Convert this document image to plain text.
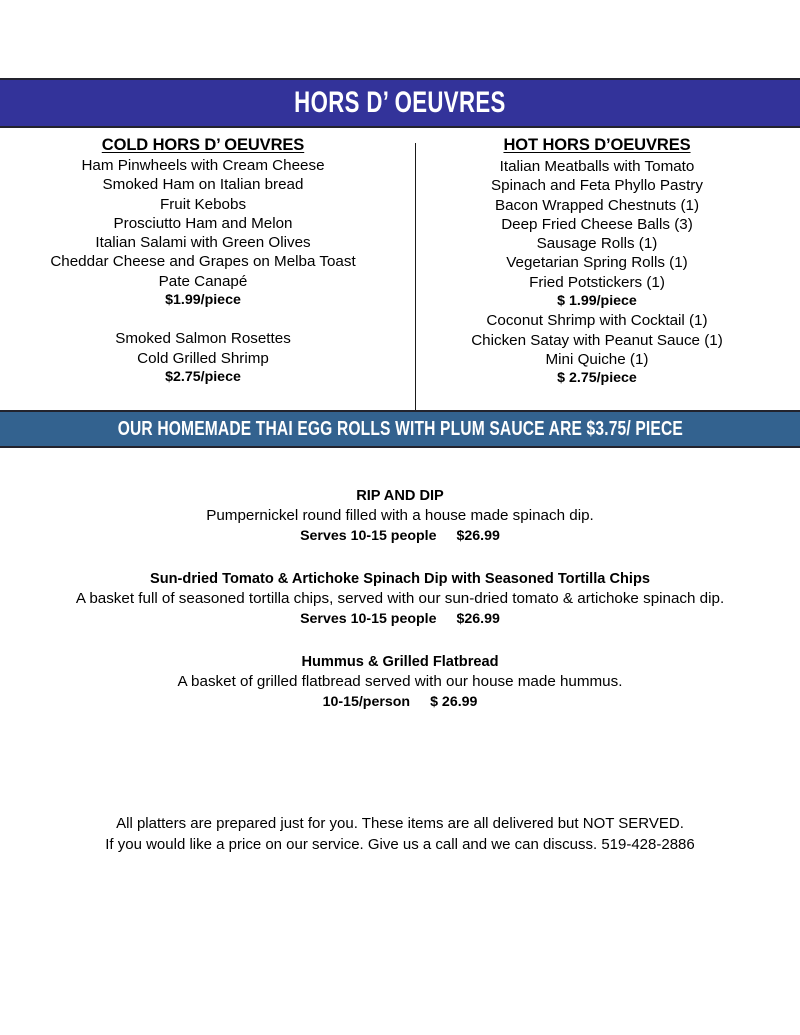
HORS D’ OEUVRES
COLD HORS D’ OEUVRES
Ham Pinwheels with Cream Cheese
Smoked Ham on Italian bread
Fruit Kebobs
Prosciutto Ham and Melon
Italian Salami with Green Olives
Cheddar Cheese and Grapes on Melba Toast
Pate Canapé
$1.99/piece
Smoked Salmon Rosettes
Cold Grilled Shrimp
$2.75/piece
HOT HORS D’OEUVRES
Italian Meatballs with Tomato
Spinach and Feta Phyllo Pastry
Bacon Wrapped Chestnuts (1)
Deep Fried Cheese Balls (3)
Sausage Rolls (1)
Vegetarian Spring Rolls (1)
Fried Potstickers (1)
$ 1.99/piece
Coconut Shrimp with Cocktail (1)
Chicken Satay with Peanut Sauce (1)
Mini Quiche (1)
$ 2.75/piece
OUR HOMEMADE THAI EGG ROLLS WITH PLUM SAUCE ARE $3.75/ PIECE
RIP AND DIP
Pumpernickel round filled with a house made spinach dip.
Serves 10-15 people $26.99
Sun-dried Tomato & Artichoke Spinach Dip with Seasoned Tortilla Chips
A basket full of seasoned tortilla chips, served with our sun-dried tomato & artichoke spinach dip.
Serves 10-15 people $26.99
Hummus & Grilled Flatbread
A basket of grilled flatbread served with our house made hummus.
10-15/person $ 26.99
All platters are prepared just for you. These items are all delivered but NOT SERVED.
If you would like a price on our service. Give us a call and we can discuss. 519-428-2886
